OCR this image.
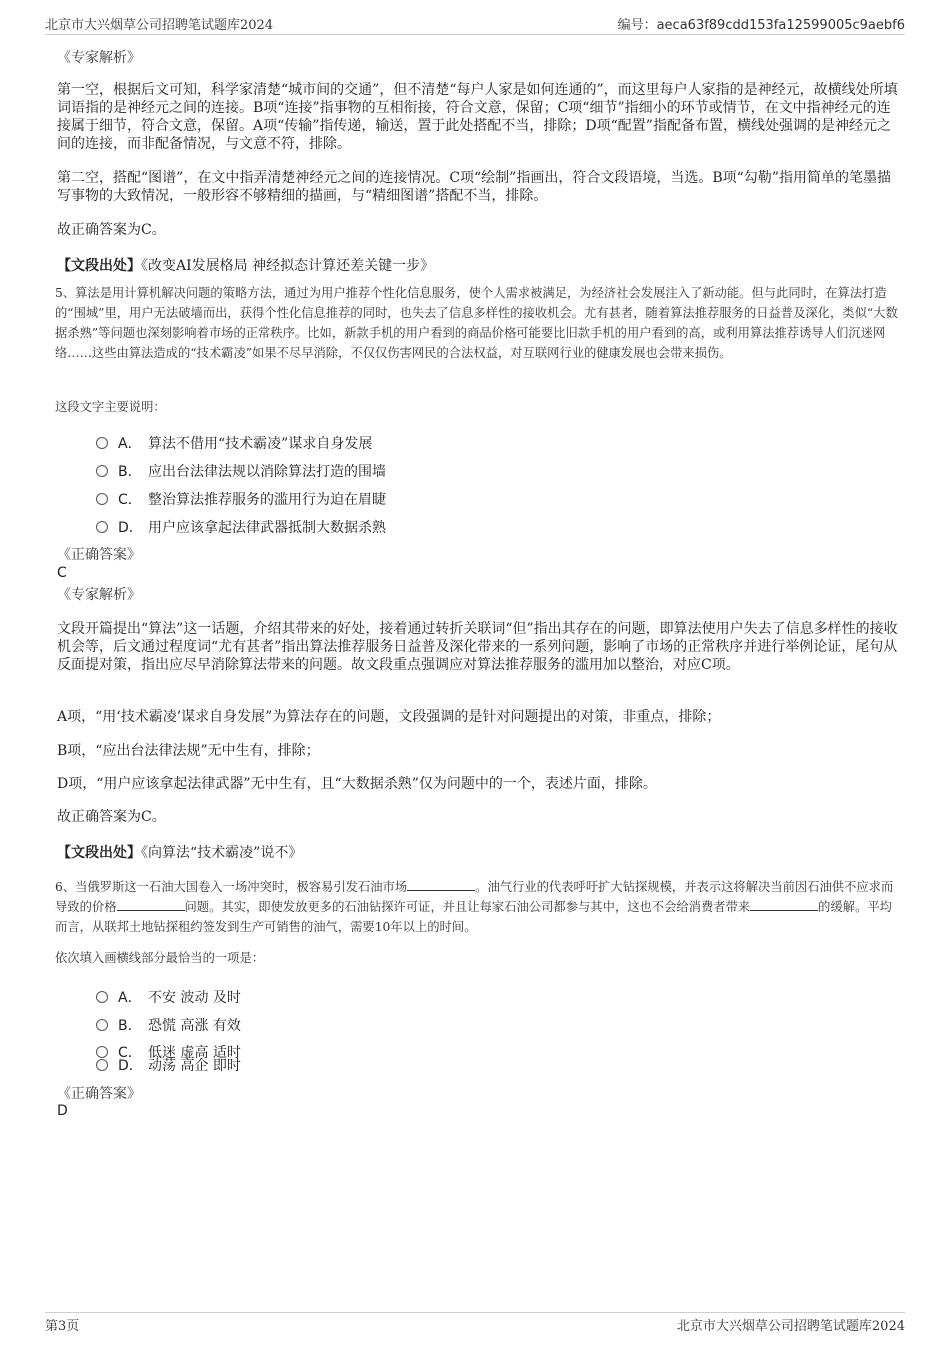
北京市大兴烟草公司招聘笔试题库2024	编号：aeca63f89cdd153fa12599005c9aebf6
《专家解析》
第一空，根据后文可知，科学家清楚“城市间的交通”，但不清楚“每户人家是如何连通的”，而这里每户人家指的是神经元，故横线处所填词语指的是神经元之间的连接。B项“连接”指事物的互相衔接，符合文意，保留；C项“细节”指细小的环节或情节，在文中指神经元的连接属于细节，符合文意，保留。A项“传输”指传递，输送，置于此处搭配不当，排除；D项“配置”指配备布置，横线处强调的是神经元之间的连接，而非配备情况，与文意不符，排除。
第二空，搭配“图谱”，在文中指弄清楚神经元之间的连接情况。C项“绘制”指画出，符合文段语境，当选。B项“勾勒”指用简单的笔墨描写事物的大致情况，一般形容不够精细的描画，与“精细图谱”搭配不当，排除。
故正确答案为C。
【文段出处】《改变AI发展格局 神经拟态计算还差关键一步》
5、算法是用计算机解决问题的策略方法，通过为用户推荐个性化信息服务，使个人需求被满足，为经济社会发展注入了新动能。但与此同时，在算法打造的“围城”里，用户无法破墙而出，获得个性化信息推荐的同时，也失去了信息多样性的接收机会。尤有甚者，随着算法推荐服务的日益普及深化，类似“大数据杀熟”等问题也深刻影响着市场的正常秩序。比如，新款手机的用户看到的商品价格可能要比旧款手机的用户看到的高，或利用算法推荐诱导人们沉迷网络……这些由算法造成的“技术霸凌”如果不尽早消除，不仅仅伤害网民的合法权益，对互联网行业的健康发展也会带来损伤。
这段文字主要说明：
A． 算法不借用“技术霸凌”谋求自身发展
B． 应出台法律法规以消除算法打造的围墙
C． 整治算法推荐服务的滥用行为迫在眉睫
D． 用户应该拿起法律武器抵制大数据杀熟
《正确答案》
C
《专家解析》
文段开篇提出“算法”这一话题，介绍其带来的好处，接着通过转折关联词“但”指出其存在的问题，即算法使用户失去了信息多样性的接收机会等，后文通过程度词“尤有甚者”指出算法推荐服务日益普及深化带来的一系列问题，影响了市场的正常秩序并进行举例论证，尾句从反面提对策，指出应尽早消除算法带来的问题。故文段重点强调应对算法推荐服务的滥用加以整治，对应C项。
A项，“用‘技术霸凌’谋求自身发展”为算法存在的问题，文段强调的是针对问题提出的对策，非重点，排除；
B项，“应出台法律法规”无中生有，排除；
D项，“用户应该拿起法律武器”无中生有，且“大数据杀熟”仅为问题中的一个，表述片面，排除。
故正确答案为C。
【文段出处】《向算法“技术霸凌”说不》
6、当俄罗斯这一石油大国卷入一场冲突时，极容易引发石油市场	。油气行业的代表呼吁扩大钻探规模，并表示这将解决当前因石油供不应求而导致的价格	问题。其实，即使发放更多的石油钻探许可证，并且让每家石油公司都参与其中，这也不会给消费者带来	的缓解。平均而言，从联邦土地钻探租约签发到生产可销售的油气，需要10年以上的时间。
依次填入画横线部分最恰当的一项是：
A． 不安 波动 及时
B． 恐慌 高涨 有效
C． 低迷 虚高 适时
D． 动荡 高企 即时
《正确答案》
D
第3页	北京市大兴烟草公司招聘笔试题库2024
